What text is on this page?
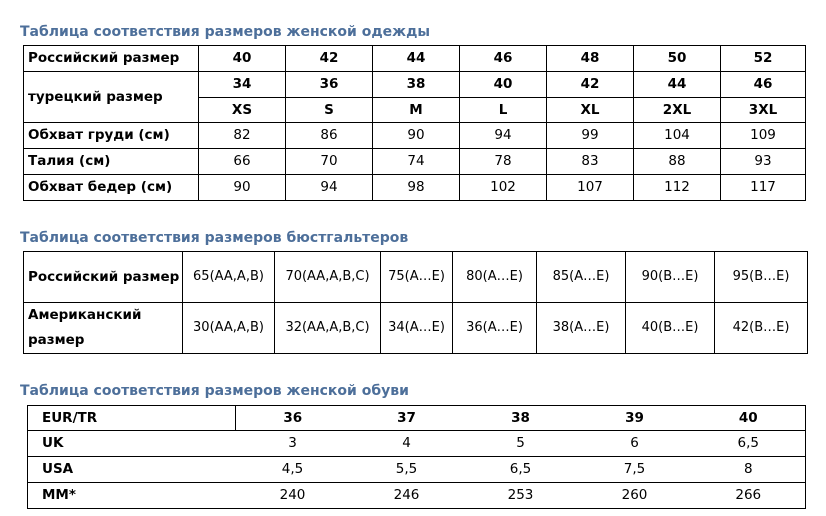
Таблица соответствия размеров женской одежды
Российский размер	40	42	44	46	48	50	52
турецкий размер	34	36	38	40	42	44	46
	XS	S	M	L	XL	2XL	3XL
Обхват груди (см)	82	86	90	94	99	104	109
Талия (см)	66	70	74	78	83	88	93
Обхват бедер (см)	90	94	98	102	107	112	117
Таблица соответствия размеров бюстгальтеров
Российский размер	65(AA,A,B)	70(AA,A,B,C)	75(A…E)	80(A…E)	85(A…E)	90(B…E)	95(B…E)
Американский размер	30(AA,A,B)	32(AA,A,B,C)	34(A…E)	36(A…E)	38(A…E)	40(B…E)	42(B…E)
Таблица соответствия размеров женской обуви
EUR/TR	36	37	38	39	40
UK	3	4	5	6	6,5
USA	4,5	5,5	6,5	7,5	8
MM*	240	246	253	260	266
